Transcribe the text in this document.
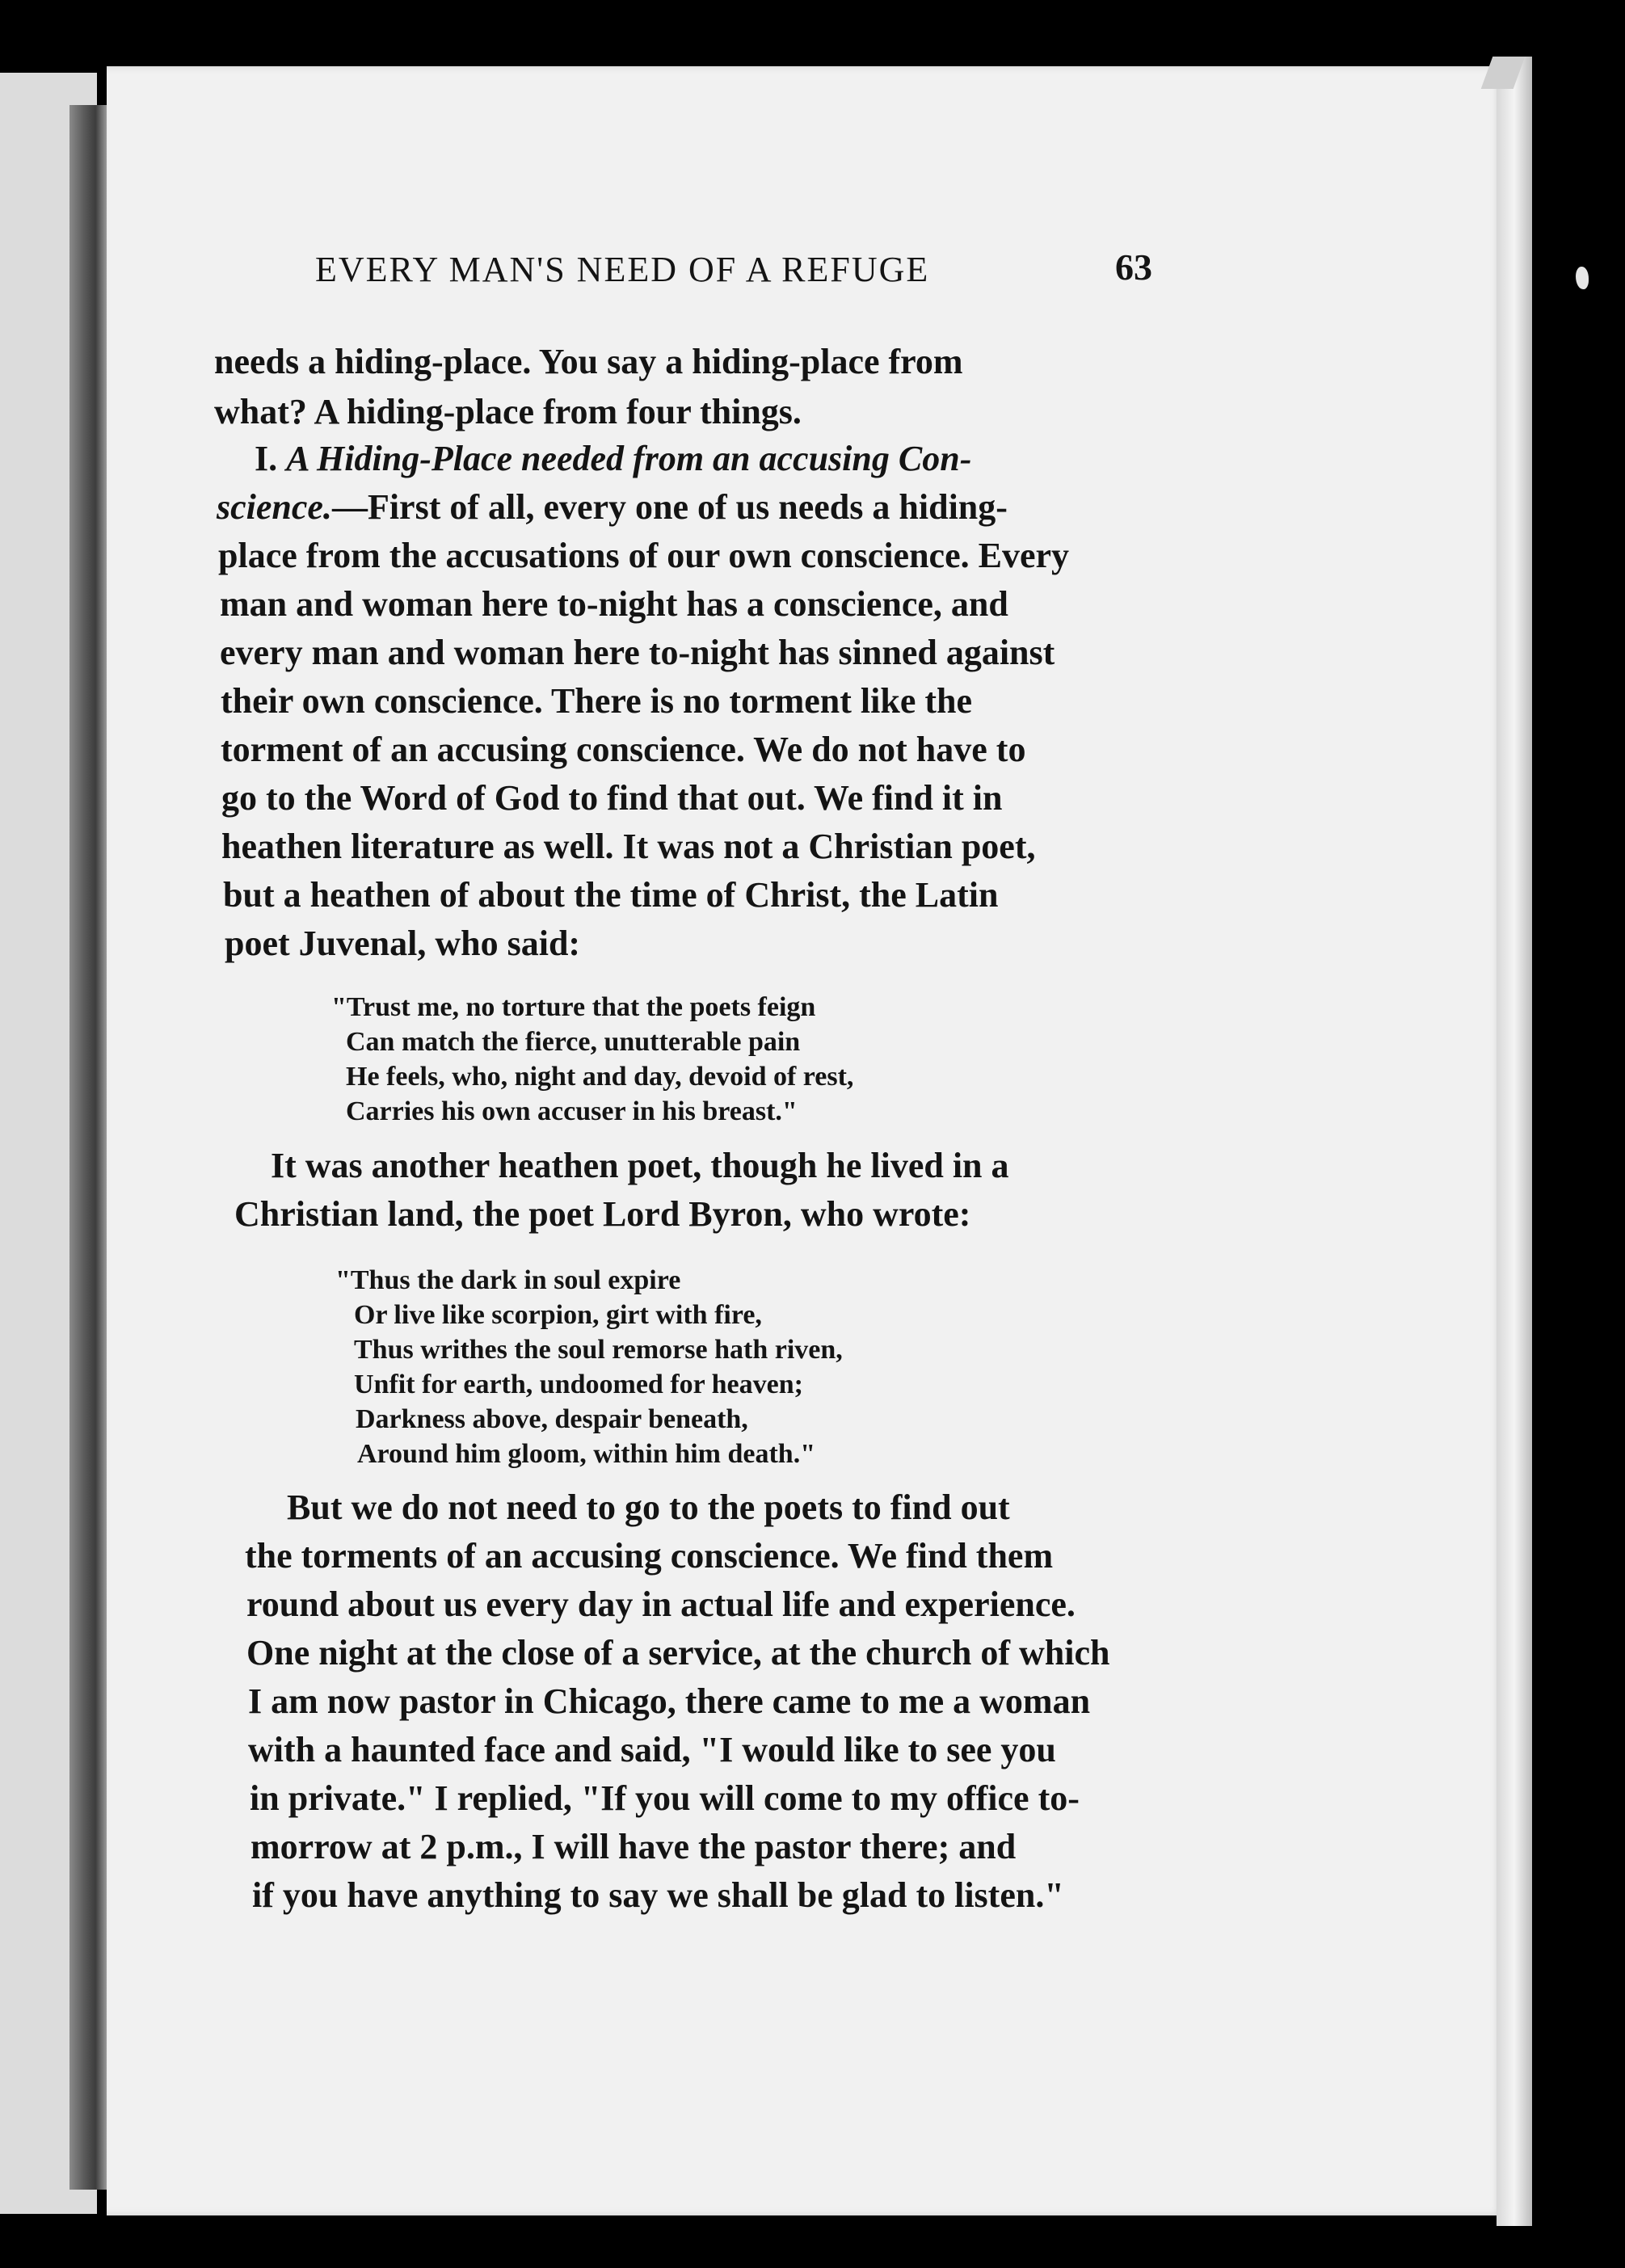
EVERY MAN'S NEED OF A REFUGE	63
needs a hiding-place. You say a hiding-place from
what? A hiding-place from four things.
I. A Hiding-Place needed from an accusing Con-
science.—First of all, every one of us needs a hiding-
place from the accusations of our own conscience. Every
man and woman here to-night has a conscience, and
every man and woman here to-night has sinned against
their own conscience. There is no torment like the
torment of an accusing conscience. We do not have to
go to the Word of God to find that out. We find it in
heathen literature as well. It was not a Christian poet,
but a heathen of about the time of Christ, the Latin
poet Juvenal, who said:
"Trust me, no torture that the poets feign
Can match the fierce, unutterable pain
He feels, who, night and day, devoid of rest,
Carries his own accuser in his breast."
It was another heathen poet, though he lived in a
Christian land, the poet Lord Byron, who wrote:
"Thus the dark in soul expire
Or live like scorpion, girt with fire,
Thus writhes the soul remorse hath riven,
Unfit for earth, undoomed for heaven;
Darkness above, despair beneath,
Around him gloom, within him death."
But we do not need to go to the poets to find out
the torments of an accusing conscience. We find them
round about us every day in actual life and experience.
One night at the close of a service, at the church of which
I am now pastor in Chicago, there came to me a woman
with a haunted face and said, "I would like to see you
in private." I replied, "If you will come to my office to-
morrow at 2 p.m., I will have the pastor there; and
if you have anything to say we shall be glad to listen."
